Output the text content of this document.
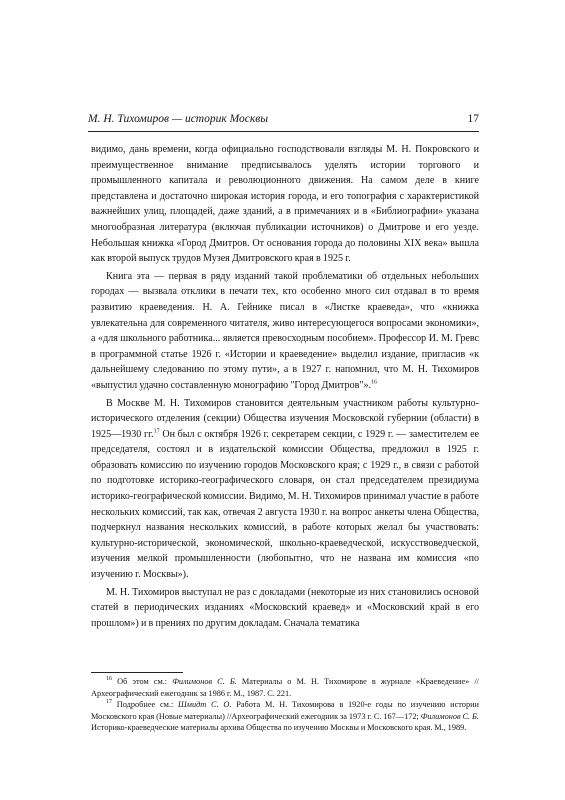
М. Н. Тихомиров — историк Москвы	17

видимо, дань времени, когда официально господствовали взгляды М. Н. Покровского и преимущественное внимание предписывалось уделять истории торгового и промышленного капитала и революционного движения. На самом деле в книге представлена и достаточно широкая история города, и его топография с характеристикой важнейших улиц, площадей, даже зданий, а в примечаниях и в «Библиографии» указана многообразная литература (включая публикации источников) о Дмитрове и его уезде. Небольшая книжка «Город Дмитров. От основания города до половины XIX века» вышла как второй выпуск трудов Музея Дмитровского края в 1925 г.

Книга эта — первая в ряду изданий такой проблематики об отдельных небольших городах — вызвала отклики в печати тех, кто особенно много сил отдавал в то время развитию краеведения. Н. А. Гейнике писал в «Листке краеведа», что «книжка увлекательна для современного читателя, живо интересующегося вопросами экономики», а «для школьного работника... является превосходным пособием». Профессор И. М. Гревс в программной статье 1926 г. «Истории и краеведение» выделил издание, пригласив «к дальнейшему следованию по этому пути», а в 1927 г. напомнил, что М. Н. Тихомиров «выпустил удачно составленную монографию "Город Дмитров"».$^{16}$

В Москве М. Н. Тихомиров становится деятельным участником работы культурно-исторического отделения (секции) Общества изучения Московской губернии (области) в 1925—1930 гг.$^{17}$ Он был с октября 1926 г. секретарем секции, с 1929 г. — заместителем ее председателя, состоял и в издательской комиссии Общества, предложил в 1925 г. образовать комиссию по изучению городов Московского края; с 1929 г., в связи с работой по подготовке историко-географического словаря, он стал председателем президиума историко-географической комиссии. Видимо, М. Н. Тихомиров принимал участие в работе нескольких комиссий, так как, отвечая 2 августа 1930 г. на вопрос анкеты члена Общества, подчеркнул названия нескольких комиссий, в работе которых желал бы участвовать: культурно-исторической, экономической, школьно-краеведческой, искусствоведческой, изучения мелкой промышленности (любопытно, что не названа им комиссия «по изучению г. Москвы»).

М. Н. Тихомиров выступал не раз с докладами (некоторые из них становились основой статей в периодических изданиях «Московский краевед» и «Московский край в его прошлом») и в прениях по другим докладам. Сначала тематика

$^{16}$ Об этом см.: Филимонов С. Б. Материалы о М. Н. Тихомирове в журнале «Краеведение» // Археографический ежегодник за 1986 г. М., 1987. С. 221.

$^{17}$ Подробнее см.: Шмидт С. О. Работа М. Н. Тихомирова в 1920-е годы по изучению истории Московского края (Новые материалы) //Археографический ежегодник за 1973 г. С. 167—172; Филимонов С. Б. Историко-краеведческие материалы архива Общества по изучению Москвы и Московского края. М., 1989.
